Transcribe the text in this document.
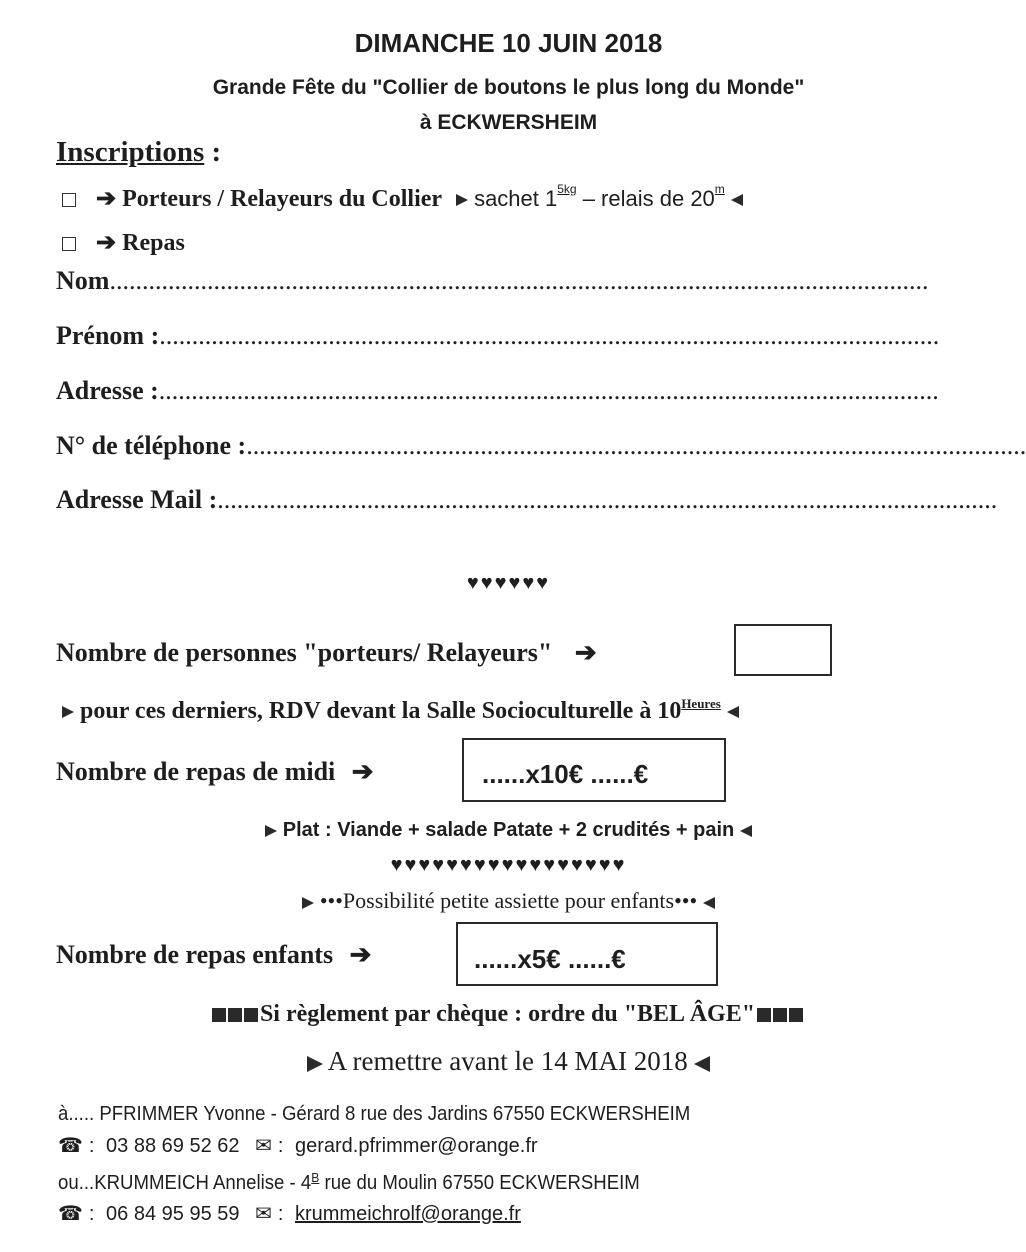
DIMANCHE 10 JUIN 2018
Grande Fête du "Collier de boutons le plus long du Monde"
à ECKWERSHEIM
Inscriptions :
➔ Porteurs / Relayeurs du Collier sachet $1^{5kg}$ – relais de 20$^m$
➔ Repas
Nom..............................................................................................................................
Prénom :........................................................................................................................
Adresse :........................................................................................................................
N° de téléphone :........................................................................................................................
Adresse Mail :........................................................................................................................
♥♥♥♥♥♥
Nombre de personnes "porteurs/ Relayeurs" ➔
pour ces derniers, RDV devant la Salle Socioculturelle à $10^{Heures}$
Nombre de repas de midi ➔	......x10€ ......€
Plat : Viande + salade Patate + 2 crudités + pain
♥♥♥♥♥♥♥♥♥♥♥♥♥♥♥♥♥
•••Possibilité petite assiette pour enfants•••
Nombre de repas enfants ➔	......x5€ ......€
Si règlement par chèque : ordre du "BEL ÂGE"
A remettre avant le 14 MAI 2018
à..... PFRIMMER Yvonne - Gérard 8 rue des Jardins 67550 ECKWERSHEIM
☎ : 03 88 69 52 62 ✉ : gerard.pfrimmer@orange.fr
ou...KRUMMEICH Annelise - $4^B$ rue du Moulin 67550 ECKWERSHEIM
☎ : 06 84 95 95 59 ✉ : krummeichrolf@orange.fr
